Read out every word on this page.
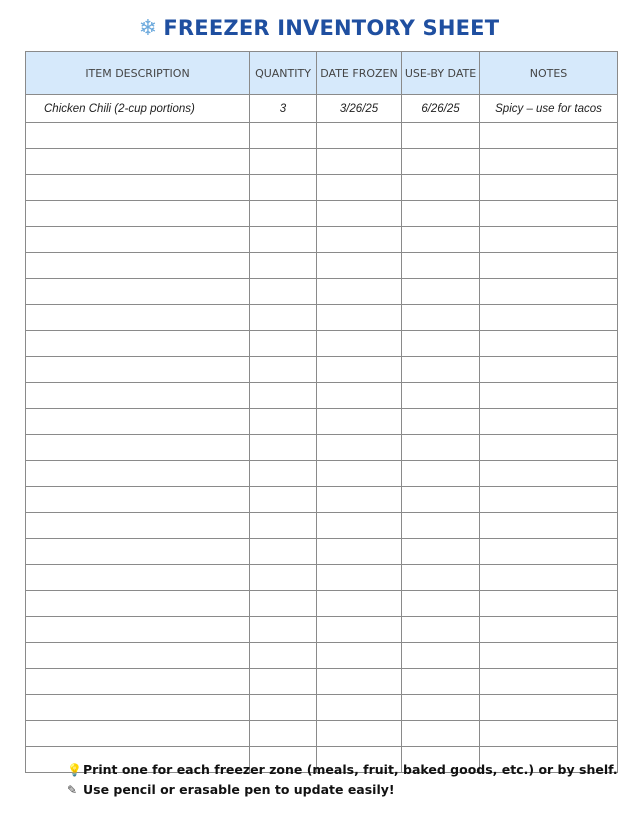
❄ FREEZER INVENTORY SHEET
ITEM DESCRIPTION	QUANTITY	DATE FROZEN	USE-BY DATE	NOTES
Chicken Chili (2-cup portions)	3	3/26/25	6/26/25	Spicy – use for tacos

💡Print one for each freezer zone (meals, fruit, baked goods, etc.) or by shelf.
✎ Use pencil or erasable pen to update easily!
